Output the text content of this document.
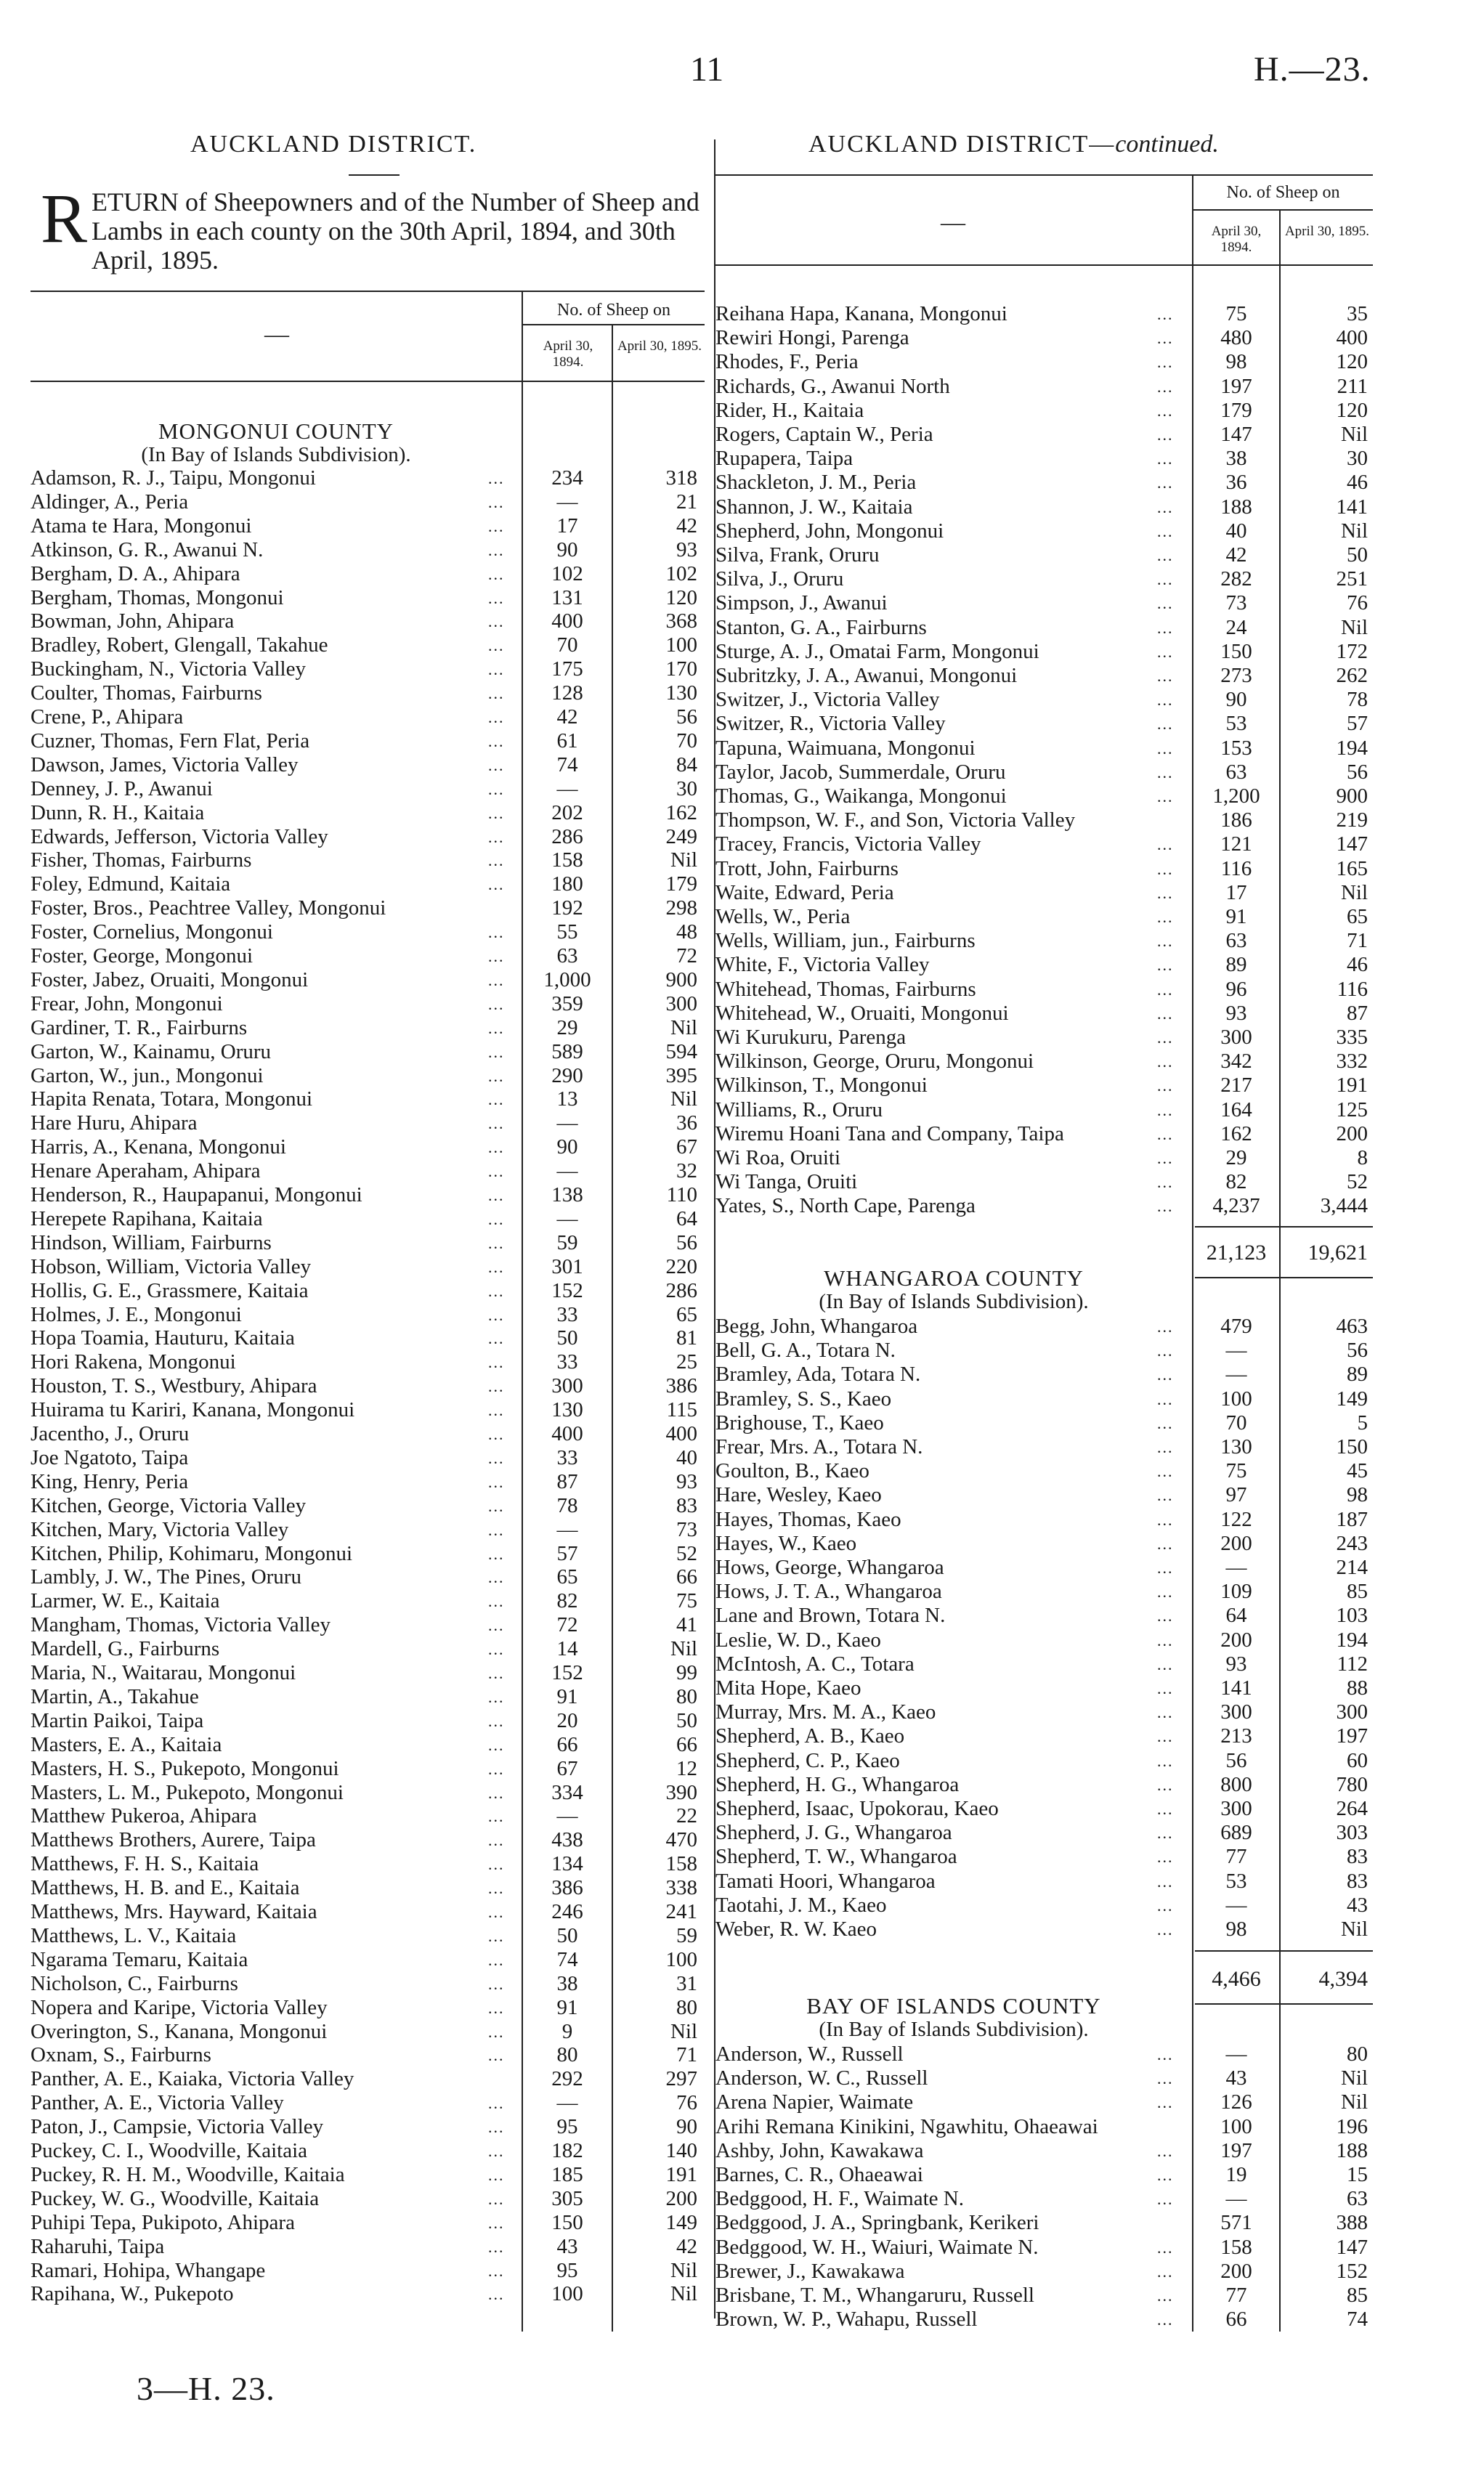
11	H.—23.
AUCKLAND DISTRICT.
RETURN of Sheepowners and of the Number of Sheep and Lambs in each county on the 30th April, 1894, and 30th April, 1895.
—
No. of Sheep on
April 30, 1894.
April 30, 1895.
MONGONUI COUNTY
(In Bay of Islands Subdivision).
Adamson, R. J., Taipu, Mongonui	...	234	318
Aldinger, A., Peria	...	—	21
Atama te Hara, Mongonui	...	17	42
Atkinson, G. R., Awanui N.	...	90	93
Bergham, D. A., Ahipara	...	102	102
Bergham, Thomas, Mongonui	...	131	120
Bowman, John, Ahipara	...	400	368
Bradley, Robert, Glengall, Takahue	...	70	100
Buckingham, N., Victoria Valley	...	175	170
Coulter, Thomas, Fairburns	...	128	130
Crene, P., Ahipara	...	42	56
Cuzner, Thomas, Fern Flat, Peria	...	61	70
Dawson, James, Victoria Valley	...	74	84
Denney, J. P., Awanui	...	—	30
Dunn, R. H., Kaitaia	...	202	162
Edwards, Jefferson, Victoria Valley	...	286	249
Fisher, Thomas, Fairburns	...	158	Nil
Foley, Edmund, Kaitaia	...	180	179
Foster, Bros., Peachtree Valley, Mongonui	192	298
Foster, Cornelius, Mongonui	...	55	48
Foster, George, Mongonui	...	63	72
Foster, Jabez, Oruaiti, Mongonui	...	1,000	900
Frear, John, Mongonui	...	359	300
Gardiner, T. R., Fairburns	...	29	Nil
Garton, W., Kainamu, Oruru	...	589	594
Garton, W., jun., Mongonui	...	290	395
Hapita Renata, Totara, Mongonui	...	13	Nil
Hare Huru, Ahipara	...	—	36
Harris, A., Kenana, Mongonui	...	90	67
Henare Aperaham, Ahipara	...	—	32
Henderson, R., Haupapanui, Mongonui	...	138	110
Herepete Rapihana, Kaitaia	...	—	64
Hindson, William, Fairburns	...	59	56
Hobson, William, Victoria Valley	...	301	220
Hollis, G. E., Grassmere, Kaitaia	...	152	286
Holmes, J. E., Mongonui	...	33	65
Hopa Toamia, Hauturu, Kaitaia	...	50	81
Hori Rakena, Mongonui	...	33	25
Houston, T. S., Westbury, Ahipara	...	300	386
Huirama tu Kariri, Kanana, Mongonui	...	130	115
Jacentho, J., Oruru	...	400	400
Joe Ngatoto, Taipa	...	33	40
King, Henry, Peria	...	87	93
Kitchen, George, Victoria Valley	...	78	83
Kitchen, Mary, Victoria Valley	...	—	73
Kitchen, Philip, Kohimaru, Mongonui	...	57	52
Lambly, J. W., The Pines, Oruru	...	65	66
Larmer, W. E., Kaitaia	...	82	75
Mangham, Thomas, Victoria Valley	...	72	41
Mardell, G., Fairburns	...	14	Nil
Maria, N., Waitarau, Mongonui	...	152	99
Martin, A., Takahue	...	91	80
Martin Paikoi, Taipa	...	20	50
Masters, E. A., Kaitaia	...	66	66
Masters, H. S., Pukepoto, Mongonui	...	67	12
Masters, L. M., Pukepoto, Mongonui	...	334	390
Matthew Pukeroa, Ahipara	...	—	22
Matthews Brothers, Aurere, Taipa	...	438	470
Matthews, F. H. S., Kaitaia	...	134	158
Matthews, H. B. and E., Kaitaia	...	386	338
Matthews, Mrs. Hayward, Kaitaia	...	246	241
Matthews, L. V., Kaitaia	...	50	59
Ngarama Temaru, Kaitaia	...	74	100
Nicholson, C., Fairburns	...	38	31
Nopera and Karipe, Victoria Valley	...	91	80
Overington, S., Kanana, Mongonui	...	9	Nil
Oxnam, S., Fairburns	...	80	71
Panther, A. E., Kaiaka, Victoria Valley	292	297
Panther, A. E., Victoria Valley	...	—	76
Paton, J., Campsie, Victoria Valley	...	95	90
Puckey, C. I., Woodville, Kaitaia	...	182	140
Puckey, R. H. M., Woodville, Kaitaia	...	185	191
Puckey, W. G., Woodville, Kaitaia	...	305	200
Puhipi Tepa, Pukipoto, Ahipara	...	150	149
Raharuhi, Taipa	...	43	42
Ramari, Hohipa, Whangape	...	95	Nil
Rapihana, W., Pukepoto	...	100	Nil
AUCKLAND DISTRICT—continued.
—
No. of Sheep on
April 30, 1894.
April 30, 1895.
Reihana Hapa, Kanana, Mongonui	...	75	35
Rewiri Hongi, Parenga	...	480	400
Rhodes, F., Peria	...	98	120
Richards, G., Awanui North	...	197	211
Rider, H., Kaitaia	...	179	120
Rogers, Captain W., Peria	...	147	Nil
Rupapera, Taipa	...	38	30
Shackleton, J. M., Peria	...	36	46
Shannon, J. W., Kaitaia	...	188	141
Shepherd, John, Mongonui	...	40	Nil
Silva, Frank, Oruru	...	42	50
Silva, J., Oruru	...	282	251
Simpson, J., Awanui	...	73	76
Stanton, G. A., Fairburns	...	24	Nil
Sturge, A. J., Omatai Farm, Mongonui	...	150	172
Subritzky, J. A., Awanui, Mongonui	...	273	262
Switzer, J., Victoria Valley	...	90	78
Switzer, R., Victoria Valley	...	53	57
Tapuna, Waimuana, Mongonui	...	153	194
Taylor, Jacob, Summerdale, Oruru	...	63	56
Thomas, G., Waikanga, Mongonui	...	1,200	900
Thompson, W. F., and Son, Victoria Valley	186	219
Tracey, Francis, Victoria Valley	...	121	147
Trott, John, Fairburns	...	116	165
Waite, Edward, Peria	...	17	Nil
Wells, W., Peria	...	91	65
Wells, William, jun., Fairburns	...	63	71
White, F., Victoria Valley	...	89	46
Whitehead, Thomas, Fairburns	...	96	116
Whitehead, W., Oruaiti, Mongonui	...	93	87
Wi Kurukuru, Parenga	...	300	335
Wilkinson, George, Oruru, Mongonui	...	342	332
Wilkinson, T., Mongonui	...	217	191
Williams, R., Oruru	...	164	125
Wiremu Hoani Tana and Company, Taipa	...	162	200
Wi Roa, Oruiti	...	29	8
Wi Tanga, Oruiti	...	82	52
Yates, S., North Cape, Parenga	...	4,237	3,444
21,123	19,621
WHANGAROA COUNTY
(In Bay of Islands Subdivision).
Begg, John, Whangaroa	...	479	463
Bell, G. A., Totara N.	...	—	56
Bramley, Ada, Totara N.	...	—	89
Bramley, S. S., Kaeo	...	100	149
Brighouse, T., Kaeo	...	70	5
Frear, Mrs. A., Totara N.	...	130	150
Goulton, B., Kaeo	...	75	45
Hare, Wesley, Kaeo	...	97	98
Hayes, Thomas, Kaeo	...	122	187
Hayes, W., Kaeo	...	200	243
Hows, George, Whangaroa	...	—	214
Hows, J. T. A., Whangaroa	...	109	85
Lane and Brown, Totara N.	...	64	103
Leslie, W. D., Kaeo	...	200	194
McIntosh, A. C., Totara	...	93	112
Mita Hope, Kaeo	...	141	88
Murray, Mrs. M. A., Kaeo	...	300	300
Shepherd, A. B., Kaeo	...	213	197
Shepherd, C. P., Kaeo	...	56	60
Shepherd, H. G., Whangaroa	...	800	780
Shepherd, Isaac, Upokorau, Kaeo	...	300	264
Shepherd, J. G., Whangaroa	...	689	303
Shepherd, T. W., Whangaroa	...	77	83
Tamati Hoori, Whangaroa	...	53	83
Taotahi, J. M., Kaeo	...	—	43
Weber, R. W. Kaeo	...	98	Nil
4,466	4,394
BAY OF ISLANDS COUNTY
(In Bay of Islands Subdivision).
Anderson, W., Russell	...	—	80
Anderson, W. C., Russell	...	43	Nil
Arena Napier, Waimate	...	126	Nil
Arihi Remana Kinikini, Ngawhitu, Ohaeawai	100	196
Ashby, John, Kawakawa	...	197	188
Barnes, C. R., Ohaeawai	...	19	15
Bedggood, H. F., Waimate N.	...	—	63
Bedggood, J. A., Springbank, Kerikeri	571	388
Bedggood, W. H., Waiuri, Waimate N.	...	158	147
Brewer, J., Kawakawa	...	200	152
Brisbane, T. M., Whangaruru, Russell	...	77	85
Brown, W. P., Wahapu, Russell	...	66	74
3—H. 23.
